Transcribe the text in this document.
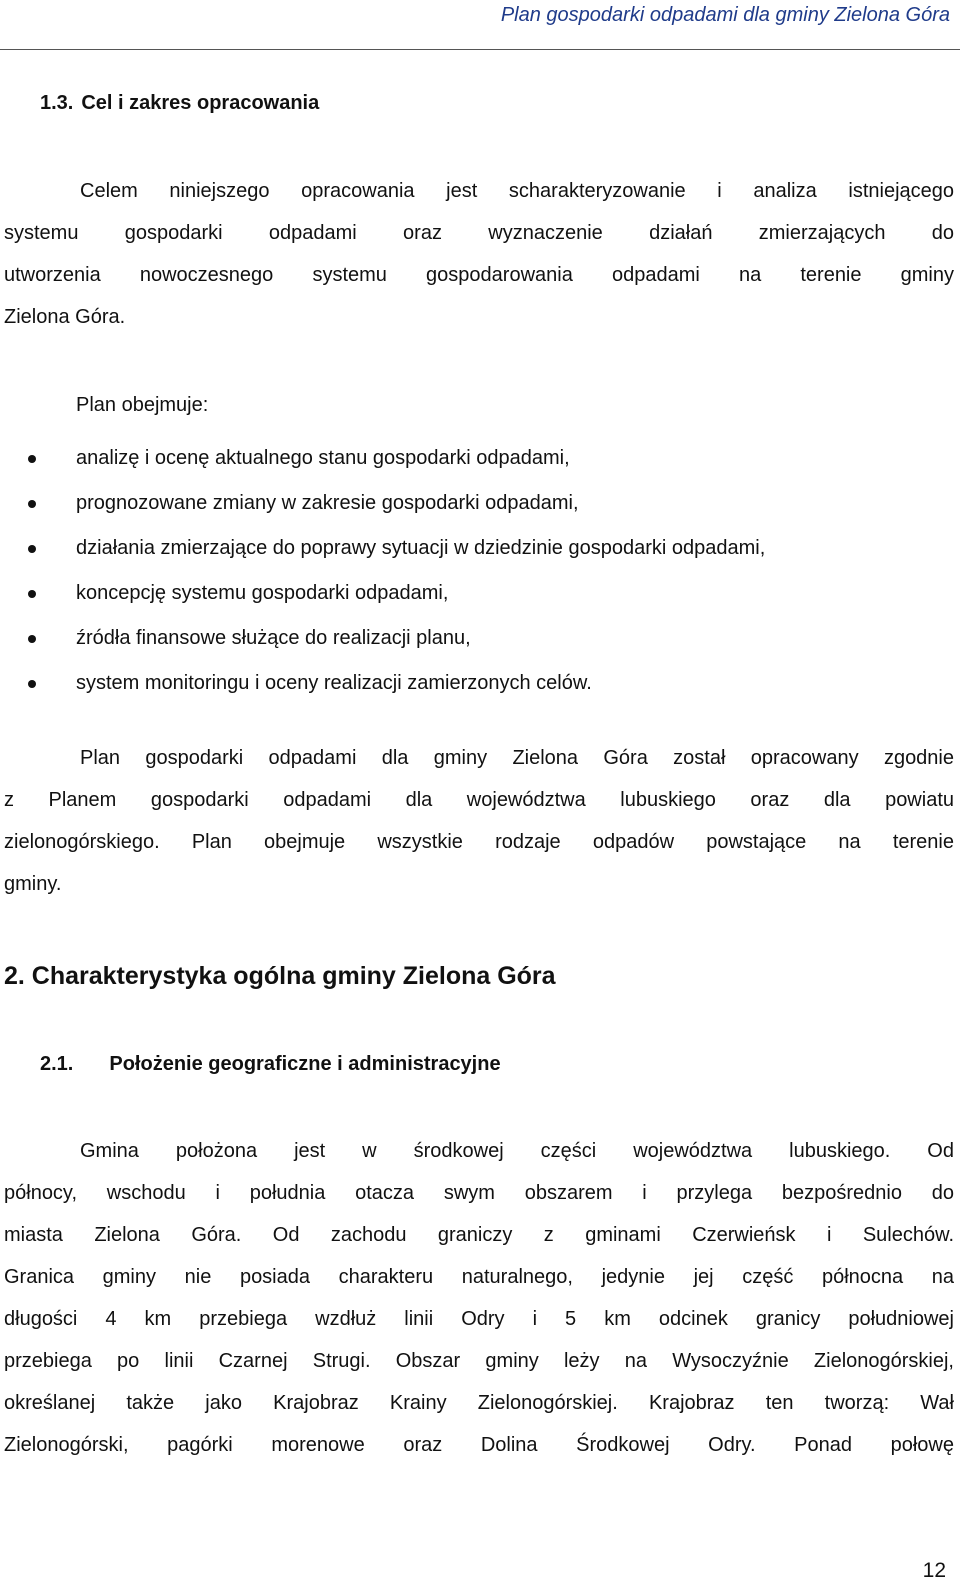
Plan gospodarki odpadami dla gminy Zielona Góra
1.3. Cel i zakres opracowania
Celem niniejszego opracowania jest scharakteryzowanie i analiza istniejącego
systemu gospodarki odpadami oraz wyznaczenie działań zmierzających do
utworzenia nowoczesnego systemu gospodarowania odpadami na terenie gminy
Zielona Góra.
Plan obejmuje:
analizę i ocenę aktualnego stanu gospodarki odpadami,
prognozowane zmiany w zakresie gospodarki odpadami,
działania zmierzające do poprawy sytuacji w dziedzinie gospodarki odpadami,
koncepcję systemu gospodarki odpadami,
źródła finansowe służące do realizacji planu,
system monitoringu i oceny realizacji zamierzonych celów.
Plan gospodarki odpadami dla gminy Zielona Góra został opracowany zgodnie
z Planem gospodarki odpadami dla województwa lubuskiego oraz dla powiatu
zielonogórskiego. Plan obejmuje wszystkie rodzaje odpadów powstające na terenie
gminy.
2. Charakterystyka ogólna gminy Zielona Góra
2.1. Położenie geograficzne i administracyjne
Gmina położona jest w środkowej części województwa lubuskiego. Od
północy, wschodu i południa otacza swym obszarem i przylega bezpośrednio do
miasta Zielona Góra. Od zachodu graniczy z gminami Czerwieńsk i Sulechów.
Granica gminy nie posiada charakteru naturalnego, jedynie jej część północna na
długości 4 km przebiega wzdłuż linii Odry i 5 km odcinek granicy południowej
przebiega po linii Czarnej Strugi. Obszar gminy leży na Wysoczyźnie Zielonogórskiej,
określanej także jako Krajobraz Krainy Zielonogórskiej. Krajobraz ten tworzą: Wał
Zielonogórski, pagórki morenowe oraz Dolina Środkowej Odry. Ponad połowę
12
